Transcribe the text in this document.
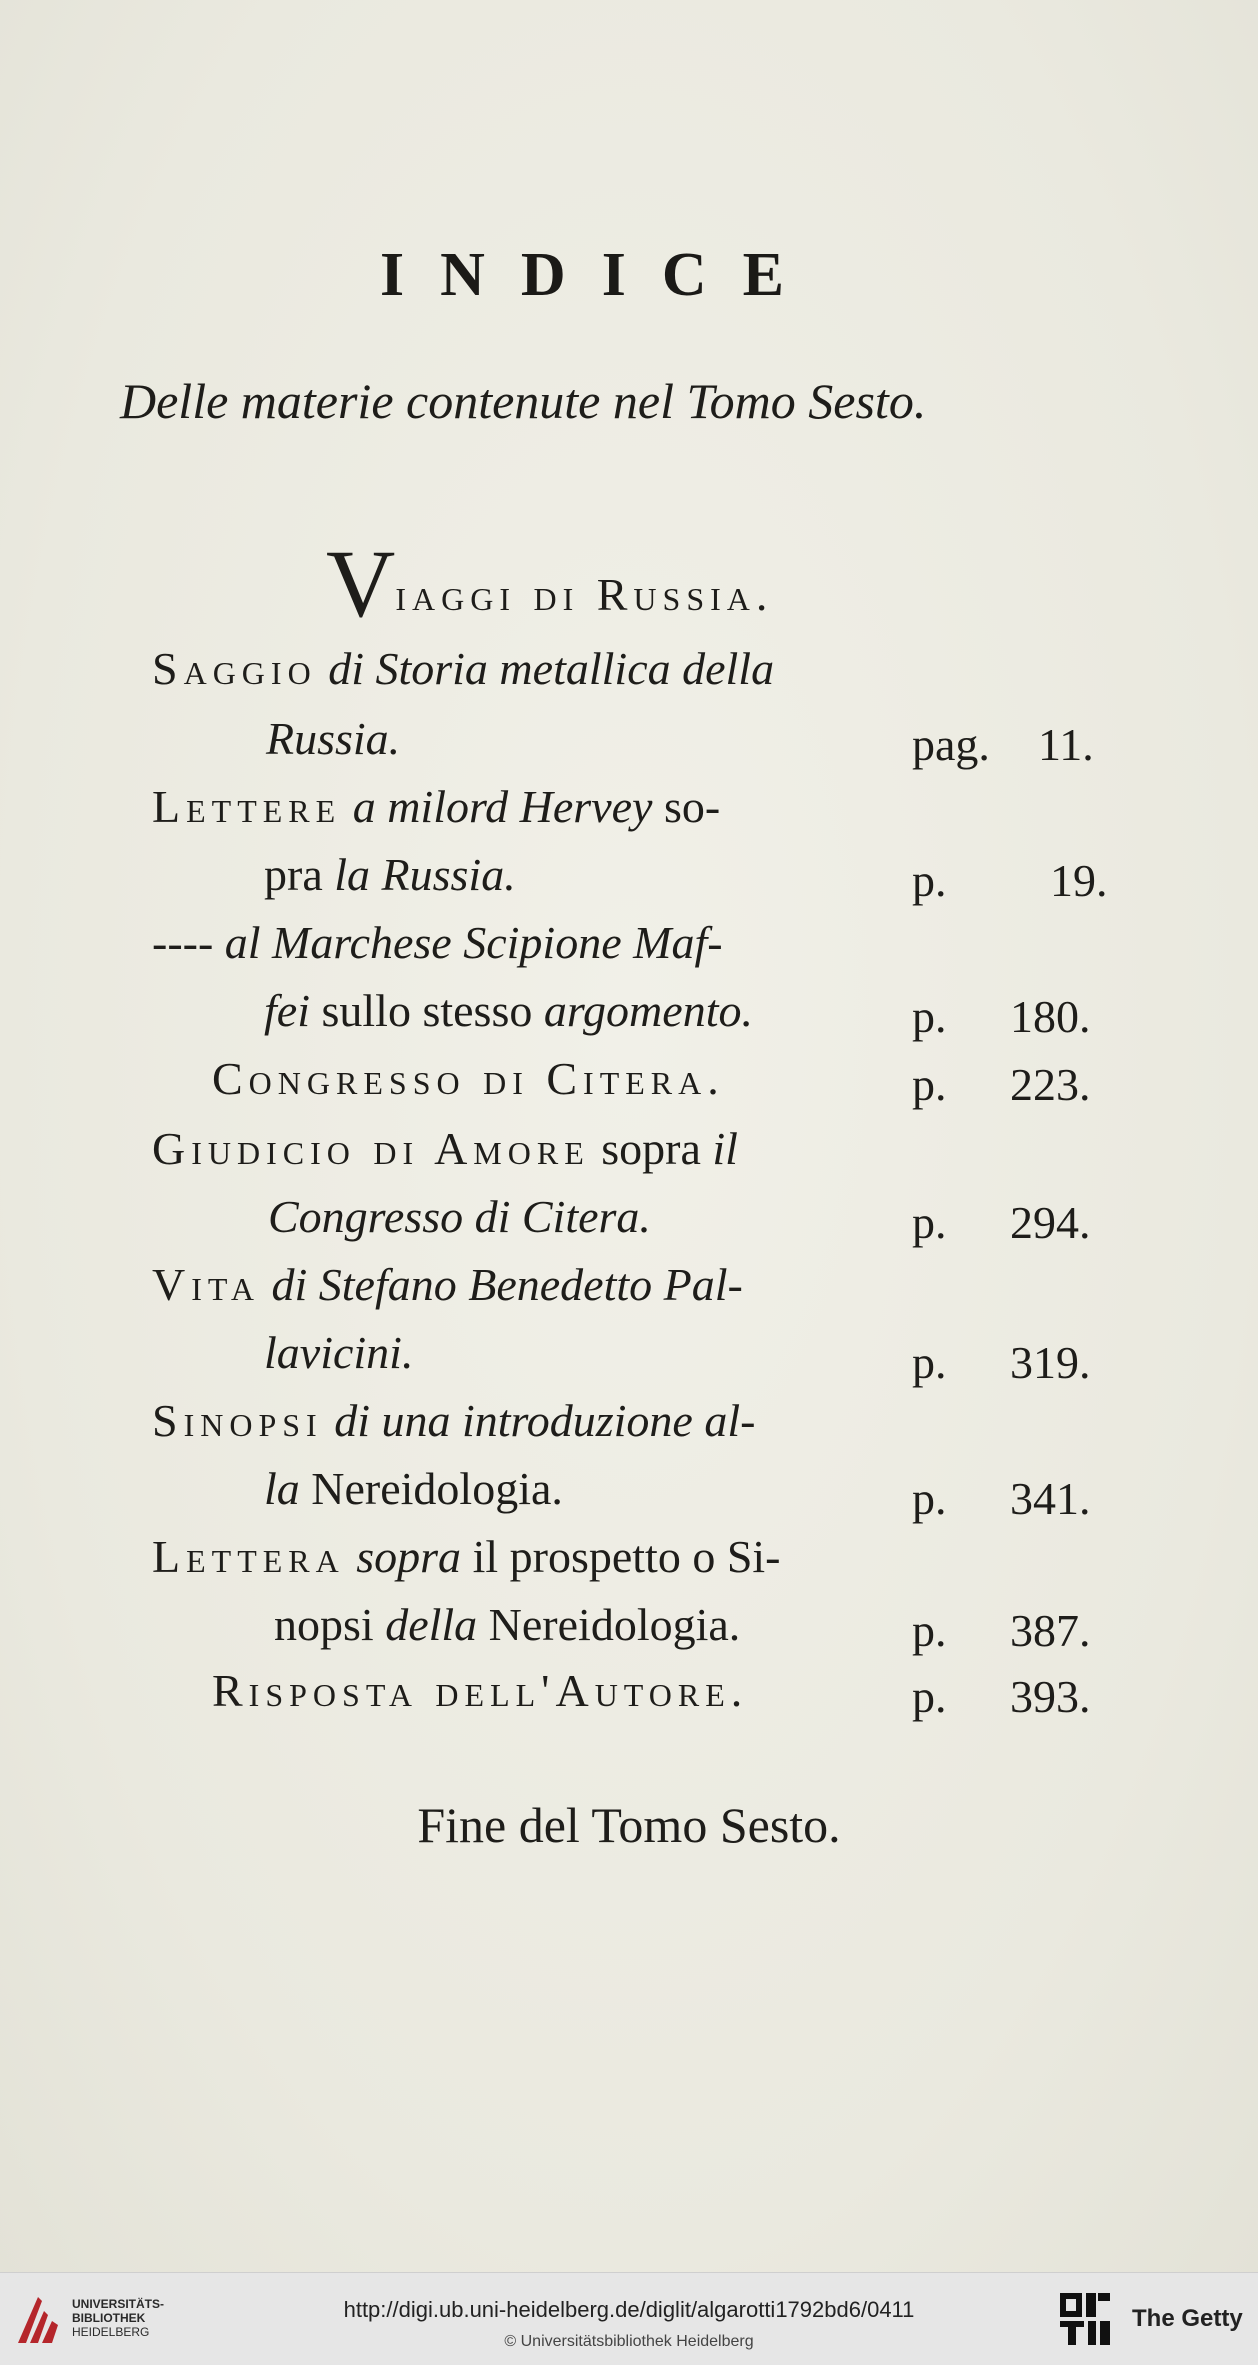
INDICE
Delle materie contenute nel Tomo Sesto.
Viaggi di Russia.
Saggio di Storia metallica della
Russia.	pag. 11.
Lettere a milord Hervey so-
pra la Russia.	p. 19.
---- al Marchese Scipione Maf-
fei sullo stesso argomento.	p. 180.
Congresso di Citera.	p. 223.
Giudicio di Amore sopra il
Congresso di Citera.	p. 294.
Vita di Stefano Benedetto Pal-
lavicini.	p. 319.
Sinopsi di una introduzione al-
la Nereidologia.	p. 341.
Lettera sopra il prospetto o Si-
nopsi della Nereidologia.	p. 387.
Risposta dell'Autore.	p. 393.
Fine del Tomo Sesto.
UNIVERSITÄTS-
BIBLIOTHEK
HEIDELBERG
http://digi.ub.uni-heidelberg.de/diglit/algarotti1792bd6/0411
© Universitätsbibliothek Heidelberg
The Getty
